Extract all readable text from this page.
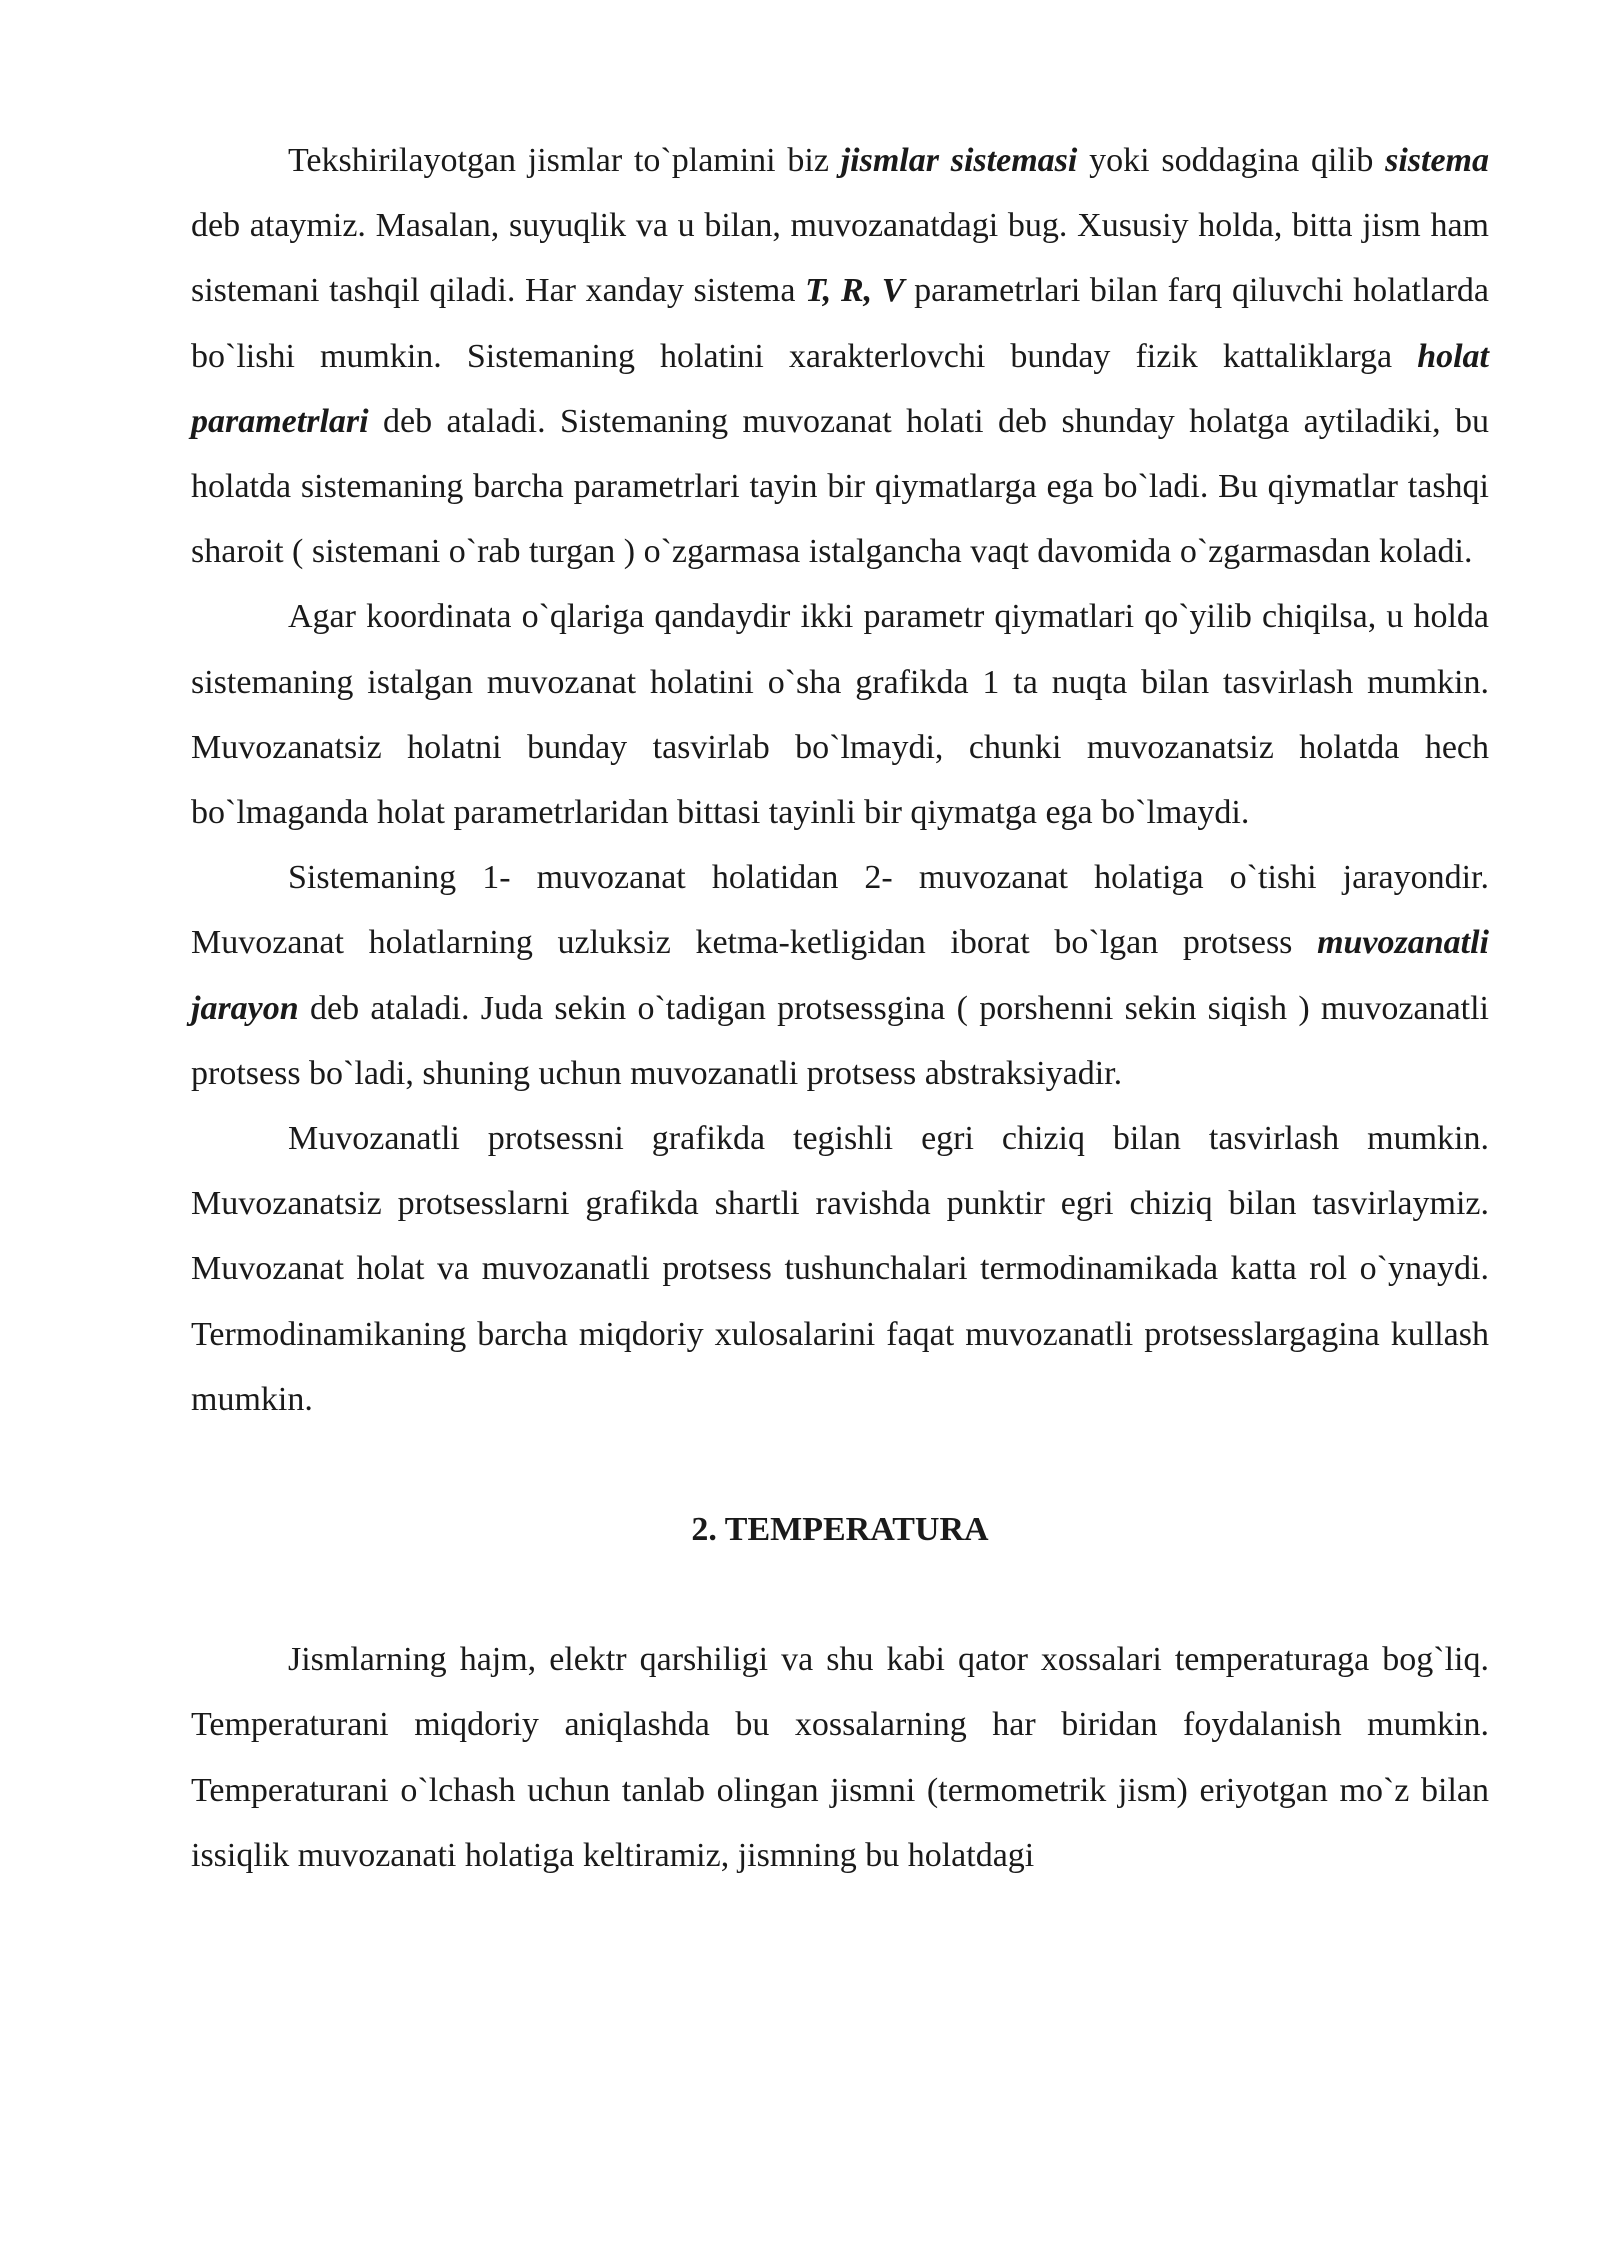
Tekshirilayotgan jismlar to`plamini biz jismlar sistemasi yoki soddagina qilib sistema deb ataymiz. Masalan, suyuqlik va u bilan, muvozanatdagi bug. Xususiy holda, bitta jism ham sistemani tashqil qiladi. Har xanday sistema T, R, V parametrlari bilan farq qiluvchi holatlarda bo`lishi mumkin. Sistemaning holatini xarakterlovchi bunday fizik kattaliklarga holat parametrlari deb ataladi. Sistemaning muvozanat holati deb shunday holatga aytiladiki, bu holatda sistemaning barcha parametrlari tayin bir qiymatlarga ega bo`ladi. Bu qiymatlar tashqi sharoit ( sistemani o`rab turgan ) o`zgarmasa istalgancha vaqt davomida o`zgarmasdan koladi.

Agar koordinata o`qlariga qandaydir ikki parametr qiymatlari qo`yilib chiqilsa, u holda sistemaning istalgan muvozanat holatini o`sha grafikda 1 ta nuqta bilan tasvirlash mumkin. Muvozanatsiz holatni bunday tasvirlab bo`lmaydi, chunki muvozanatsiz holatda hech bo`lmaganda holat parametrlaridan bittasi tayinli bir qiymatga ega bo`lmaydi.

Sistemaning 1- muvozanat holatidan 2- muvozanat holatiga o`tishi jarayondir. Muvozanat holatlarning uzluksiz ketma-ketligidan iborat bo`lgan protsess muvozanatli jarayon deb ataladi. Juda sekin o`tadigan protsessgina ( porshenni sekin siqish ) muvozanatli protsess bo`ladi, shuning uchun muvozanatli protsess abstraksiyadir.

Muvozanatli protsessni grafikda tegishli egri chiziq bilan tasvirlash mumkin. Muvozanatsiz protsesslarni grafikda shartli ravishda punktir egri chiziq bilan tasvirlaymiz. Muvozanat holat va muvozanatli protsess tushunchalari termodinamikada katta rol o`ynaydi. Termodinamikaning barcha miqdoriy xulosalarini faqat muvozanatli protsesslargagina kullash mumkin.

2. TEMPERATURA

Jismlarning hajm, elektr qarshiligi va shu kabi qator xossalari temperaturaga bog`liq. Temperaturani miqdoriy aniqlashda bu xossalarning har biridan foydalanish mumkin. Temperaturani o`lchash uchun tanlab olingan jismni (termometrik jism) eriyotgan mo`z bilan issiqlik muvozanati holatiga keltiramiz, jismning bu holatdagi
